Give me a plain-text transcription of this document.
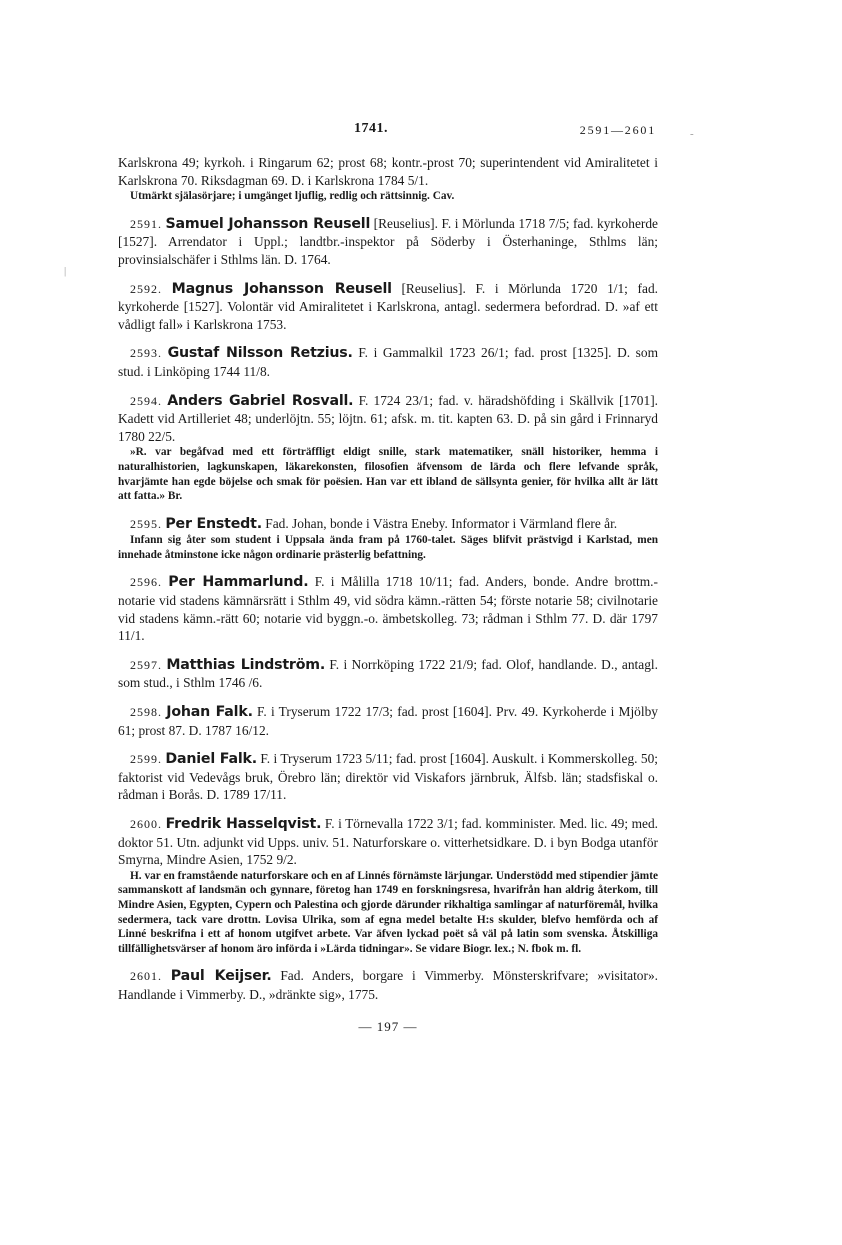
1741.	2591—2601

Karlskrona 49; kyrkoh. i Ringarum 62; prost 68; kontr.-prost 70; superintendent vid Amiralitetet i Karlskrona 70. Riksdagman 69. D. i Karlskrona 1784 5/1.

Utmärkt själasörjare; i umgänget ljuflig, redlig och rättsinnig. Cav.

2591. Samuel Johansson Reusell [Reuselius]. F. i Mörlunda 1718 7/5; fad. kyrkoherde [1527]. Arrendator i Uppl.; landtbr.-inspektor på Söderby i Österhaninge, Sthlms län; provinsialschäfer i Sthlms län. D. 1764.

2592. Magnus Johansson Reusell [Reuselius]. F. i Mörlunda 1720 1/1; fad. kyrkoherde [1527]. Volontär vid Amiralitetet i Karlskrona, antagl. sedermera befordrad. D. »af ett vådligt fall» i Karlskrona 1753.

2593. Gustaf Nilsson Retzius. F. i Gammalkil 1723 26/1; fad. prost [1325]. D. som stud. i Linköping 1744 11/8.

2594. Anders Gabriel Rosvall. F. 1724 23/1; fad. v. häradshöfding i Skällvik [1701]. Kadett vid Artilleriet 48; underlöjtn. 55; löjtn. 61; afsk. m. tit. kapten 63. D. på sin gård i Frinnaryd 1780 22/5.

»R. var begåfvad med ett förträffligt eldigt snille, stark matematiker, snäll historiker, hemma i naturalhistorien, lagkunskapen, läkarekonsten, filosofien äfvensom de lärda och flere lefvande språk, hvarjämte han egde böjelse och smak för poësien. Han var ett ibland de sällsynta genier, för hvilka allt är lätt att fatta.» Br.

2595. Per Enstedt. Fad. Johan, bonde i Västra Eneby. Informator i Värmland flere år.

Infann sig åter som student i Uppsala ända fram på 1760-talet. Säges blifvit prästvigd i Karlstad, men innehade åtminstone icke någon ordinarie prästerlig befattning.

2596. Per Hammarlund. F. i Målilla 1718 10/11; fad. Anders, bonde. Andre brottm.-notarie vid stadens kämnärsrätt i Sthlm 49, vid södra kämn.-rätten 54; förste notarie 58; civilnotarie vid stadens kämn.-rätt 60; notarie vid byggn.-o. ämbetskolleg. 73; rådman i Sthlm 77. D. där 1797 11/1.

2597. Matthias Lindström. F. i Norrköping 1722 21/9; fad. Olof, handlande. D., antagl. som stud., i Sthlm 1746 /6.

2598. Johan Falk. F. i Tryserum 1722 17/3; fad. prost [1604]. Prv. 49. Kyrkoherde i Mjölby 61; prost 87. D. 1787 16/12.

2599. Daniel Falk. F. i Tryserum 1723 5/11; fad. prost [1604]. Auskult. i Kommerskolleg. 50; faktorist vid Vedevågs bruk, Örebro län; direktör vid Viskafors järnbruk, Älfsb. län; stadsfiskal o. rådman i Borås. D. 1789 17/11.

2600. Fredrik Hasselqvist. F. i Törnevalla 1722 3/1; fad. komminister. Med. lic. 49; med. doktor 51. Utn. adjunkt vid Upps. univ. 51. Naturforskare o. vitterhetsidkare. D. i byn Bodga utanför Smyrna, Mindre Asien, 1752 9/2.

H. var en framstående naturforskare och en af Linnés förnämste lärjungar. Understödd med stipendier jämte sammanskott af landsmän och gynnare, företog han 1749 en forskningsresa, hvarifrån han aldrig återkom, till Mindre Asien, Egypten, Cypern och Palestina och gjorde därunder rikhaltiga samlingar af naturföremål, hvilka sedermera, tack vare drottn. Lovisa Ulrika, som af egna medel betalte H:s skulder, blefvo hemförda och af Linné beskrifna i ett af honom utgifvet arbete. Var äfven lyckad poët så väl på latin som svenska. Åtskilliga tillfällighetsvärser af honom äro införda i »Lärda tidningar». Se vidare Biogr. lex.; N. fbok m. fl.

2601. Paul Keijser. Fad. Anders, borgare i Vimmerby. Mönsterskrifvare; »visitator». Handlande i Vimmerby. D., »dränkte sig», 1775.

— 197 —
-
|
